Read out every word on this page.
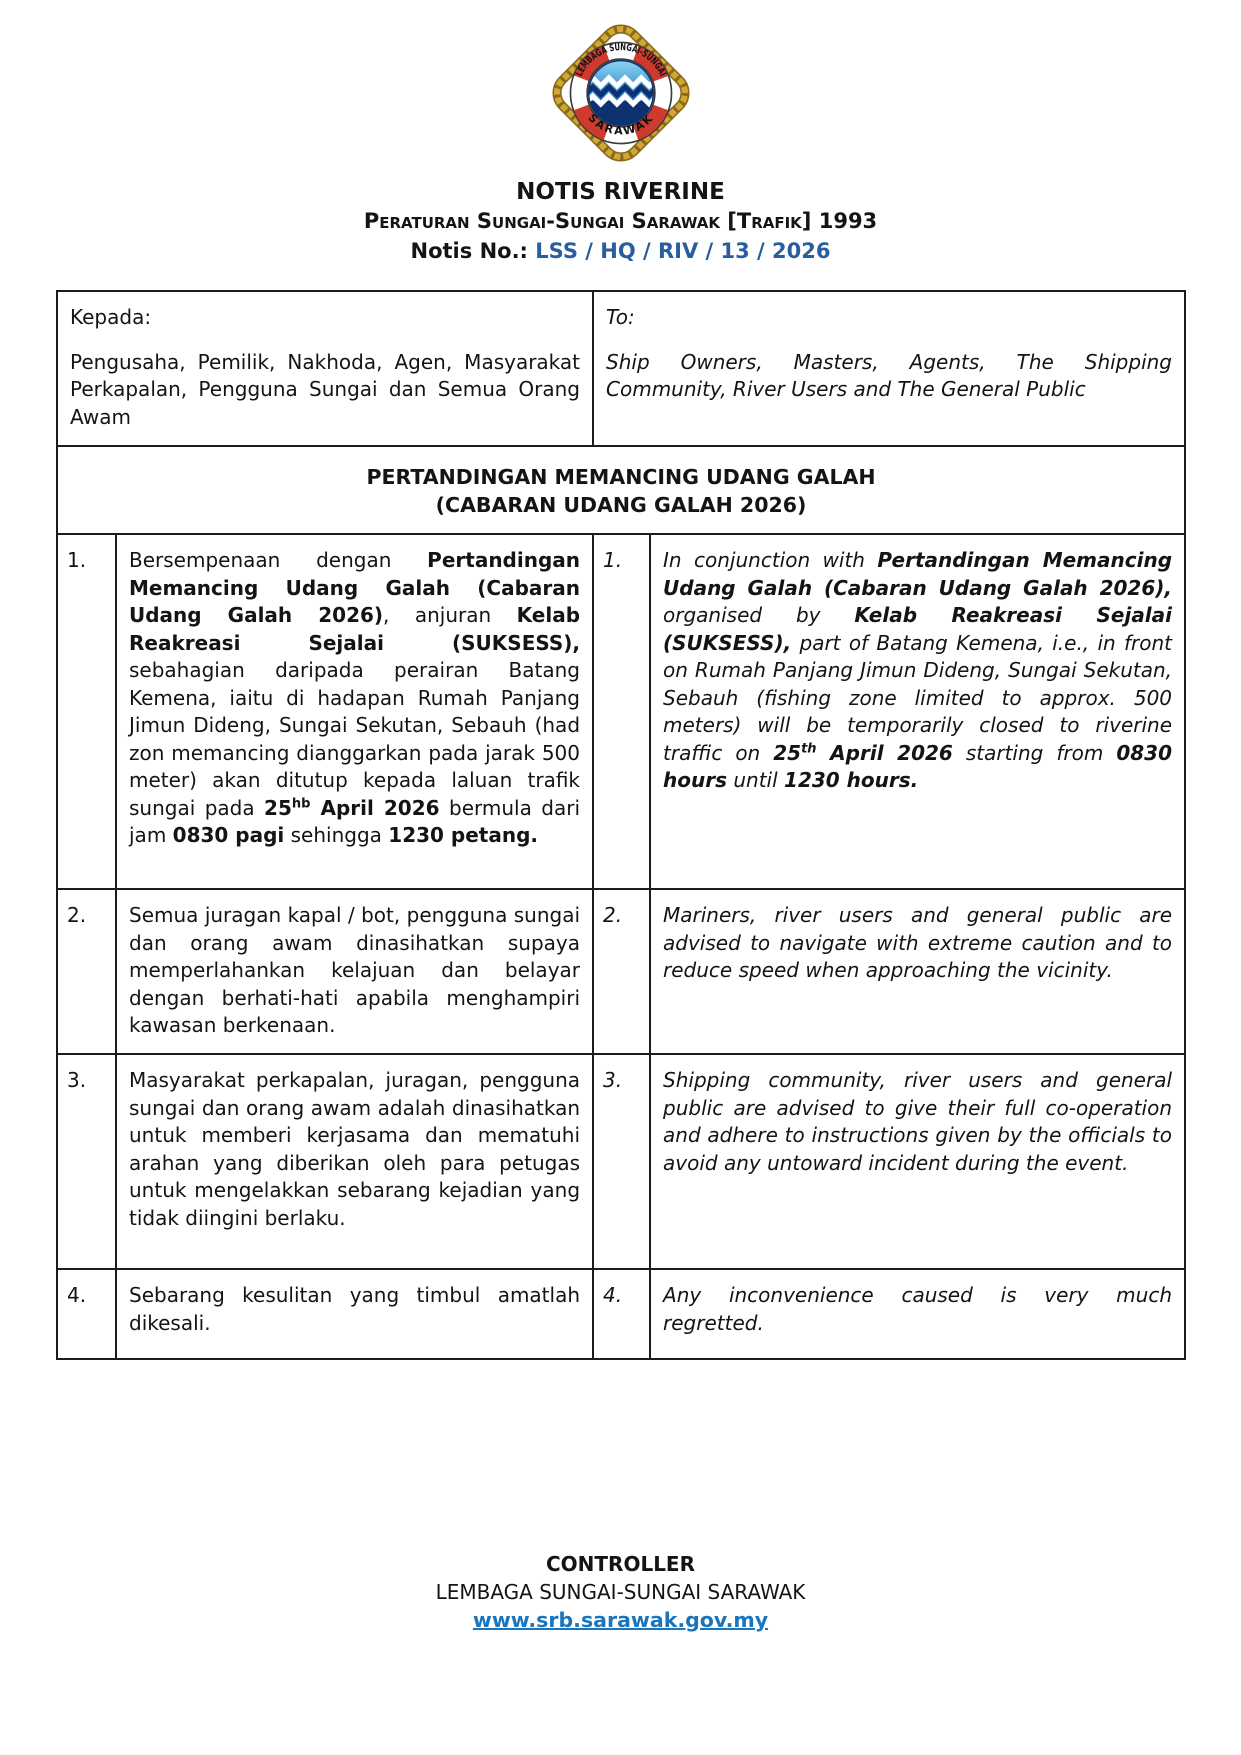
LEMBAGA SUNGAI-SUNGAI
SARAWAK
NOTIS RIVERINE
Peraturan Sungai-Sungai Sarawak [Trafik] 1993
Notis No.: LSS / HQ / RIV / 13 / 2026
Kepada:
Pengusaha, Pemilik, Nakhoda, Agen, Masyarakat Perkapalan, Pengguna Sungai dan Semua Orang Awam

To:
Ship Owners, Masters, Agents, The Shipping Community, River Users and The General Public

PERTANDINGAN MEMANCING UDANG GALAH
(CABARAN UDANG GALAH 2026)			

1.	Bersempenaan dengan Pertandingan Memancing Udang Galah (Cabaran Udang Galah 2026), anjuran Kelab Reakreasi Sejalai (SUKSESS), sebahagian daripada perairan Batang Kemena, iaitu di hadapan Rumah Panjang Jimun Dideng, Sungai Sekutan, Sebauh (had zon memancing dianggarkan pada jarak 500 meter) akan ditutup kepada laluan trafik sungai pada $25^{hb}$ April 2026 bermula dari jam 0830 pagi sehingga 1230 petang.	1.	In conjunction with Pertandingan Memancing Udang Galah (Cabaran Udang Galah 2026), organised by Kelab Reakreasi Sejalai (SUKSESS), part of Batang Kemena, i.e., in front on Rumah Panjang Jimun Dideng, Sungai Sekutan, Sebauh (fishing zone limited to approx. 500 meters) will be temporarily closed to riverine traffic on 25th April 2026 starting from 0830 hours until 1230 hours.
2.	Semua juragan kapal / bot, pengguna sungai dan orang awam dinasihatkan supaya memperlahankan kelajuan dan belayar dengan berhati-hati apabila menghampiri kawasan berkenaan.	2.	Mariners, river users and general public are advised to navigate with extreme caution and to reduce speed when approaching the vicinity.
3.	Masyarakat perkapalan, juragan, pengguna sungai dan orang awam adalah dinasihatkan untuk memberi kerjasama dan mematuhi arahan yang diberikan oleh para petugas untuk mengelakkan sebarang kejadian yang tidak diingini berlaku.	3.	Shipping community, river users and general public are advised to give their full co-operation and adhere to instructions given by the officials to avoid any untoward incident during the event.
4.	Sebarang kesulitan yang timbul amatlah dikesali.	4.	Any inconvenience caused is very much regretted.
CONTROLLER
LEMBAGA SUNGAI-SUNGAI SARAWAK
www.srb.sarawak.gov.my
